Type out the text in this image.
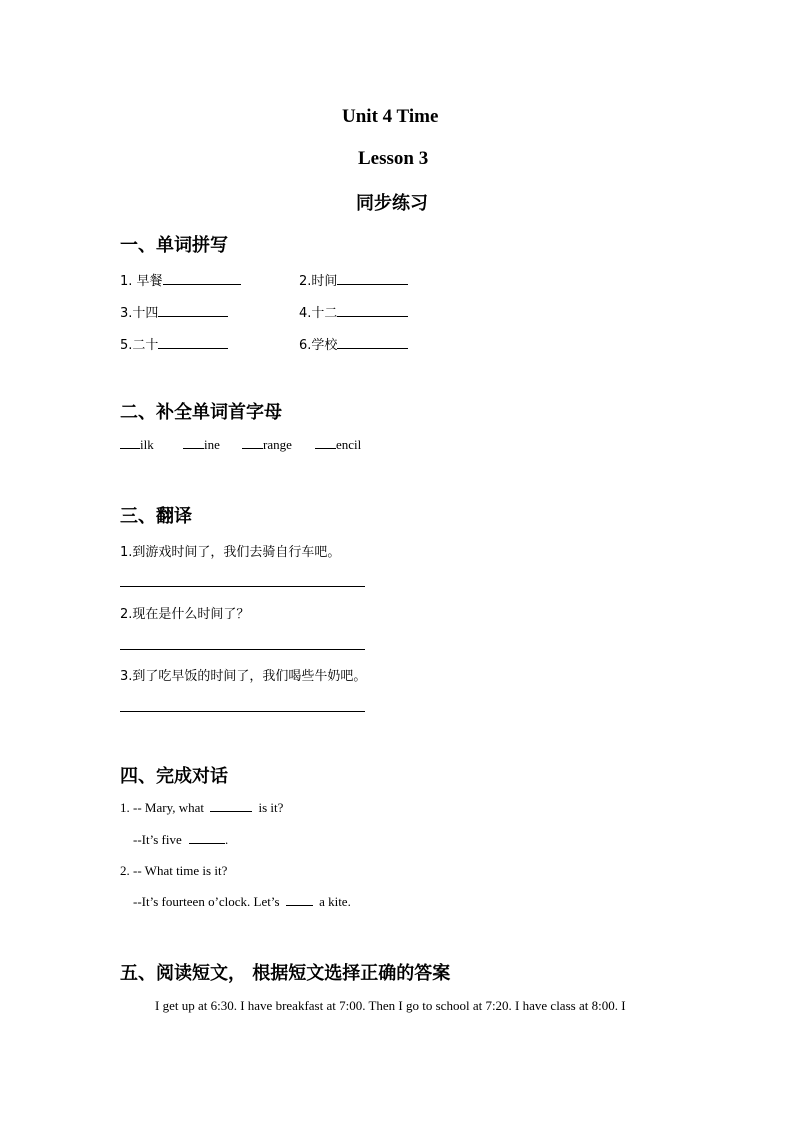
Unit 4 Time
Lesson 3
同步练习
一、单词拼写
1. 早餐	2.时间
3.十四	4.十二
5.二十	6.学校
二、补全单词首字母
ilk	ine	range	encil
三、翻译
1.到游戏时间了，我们去骑自行车吧。
2.现在是什么时间了？
3.到了吃早饭的时间了，我们喝些牛奶吧。
四、完成对话
1. -- Mary, what	is it?
--It’s five	.
2. -- What time is it?
--It’s fourteen o’clock. Let’s	a kite.
五、阅读短文， 根据短文选择正确的答案
I get up at 6:30. I have breakfast at 7:00. Then I go to school at 7:20. I have class at 8:00. I
